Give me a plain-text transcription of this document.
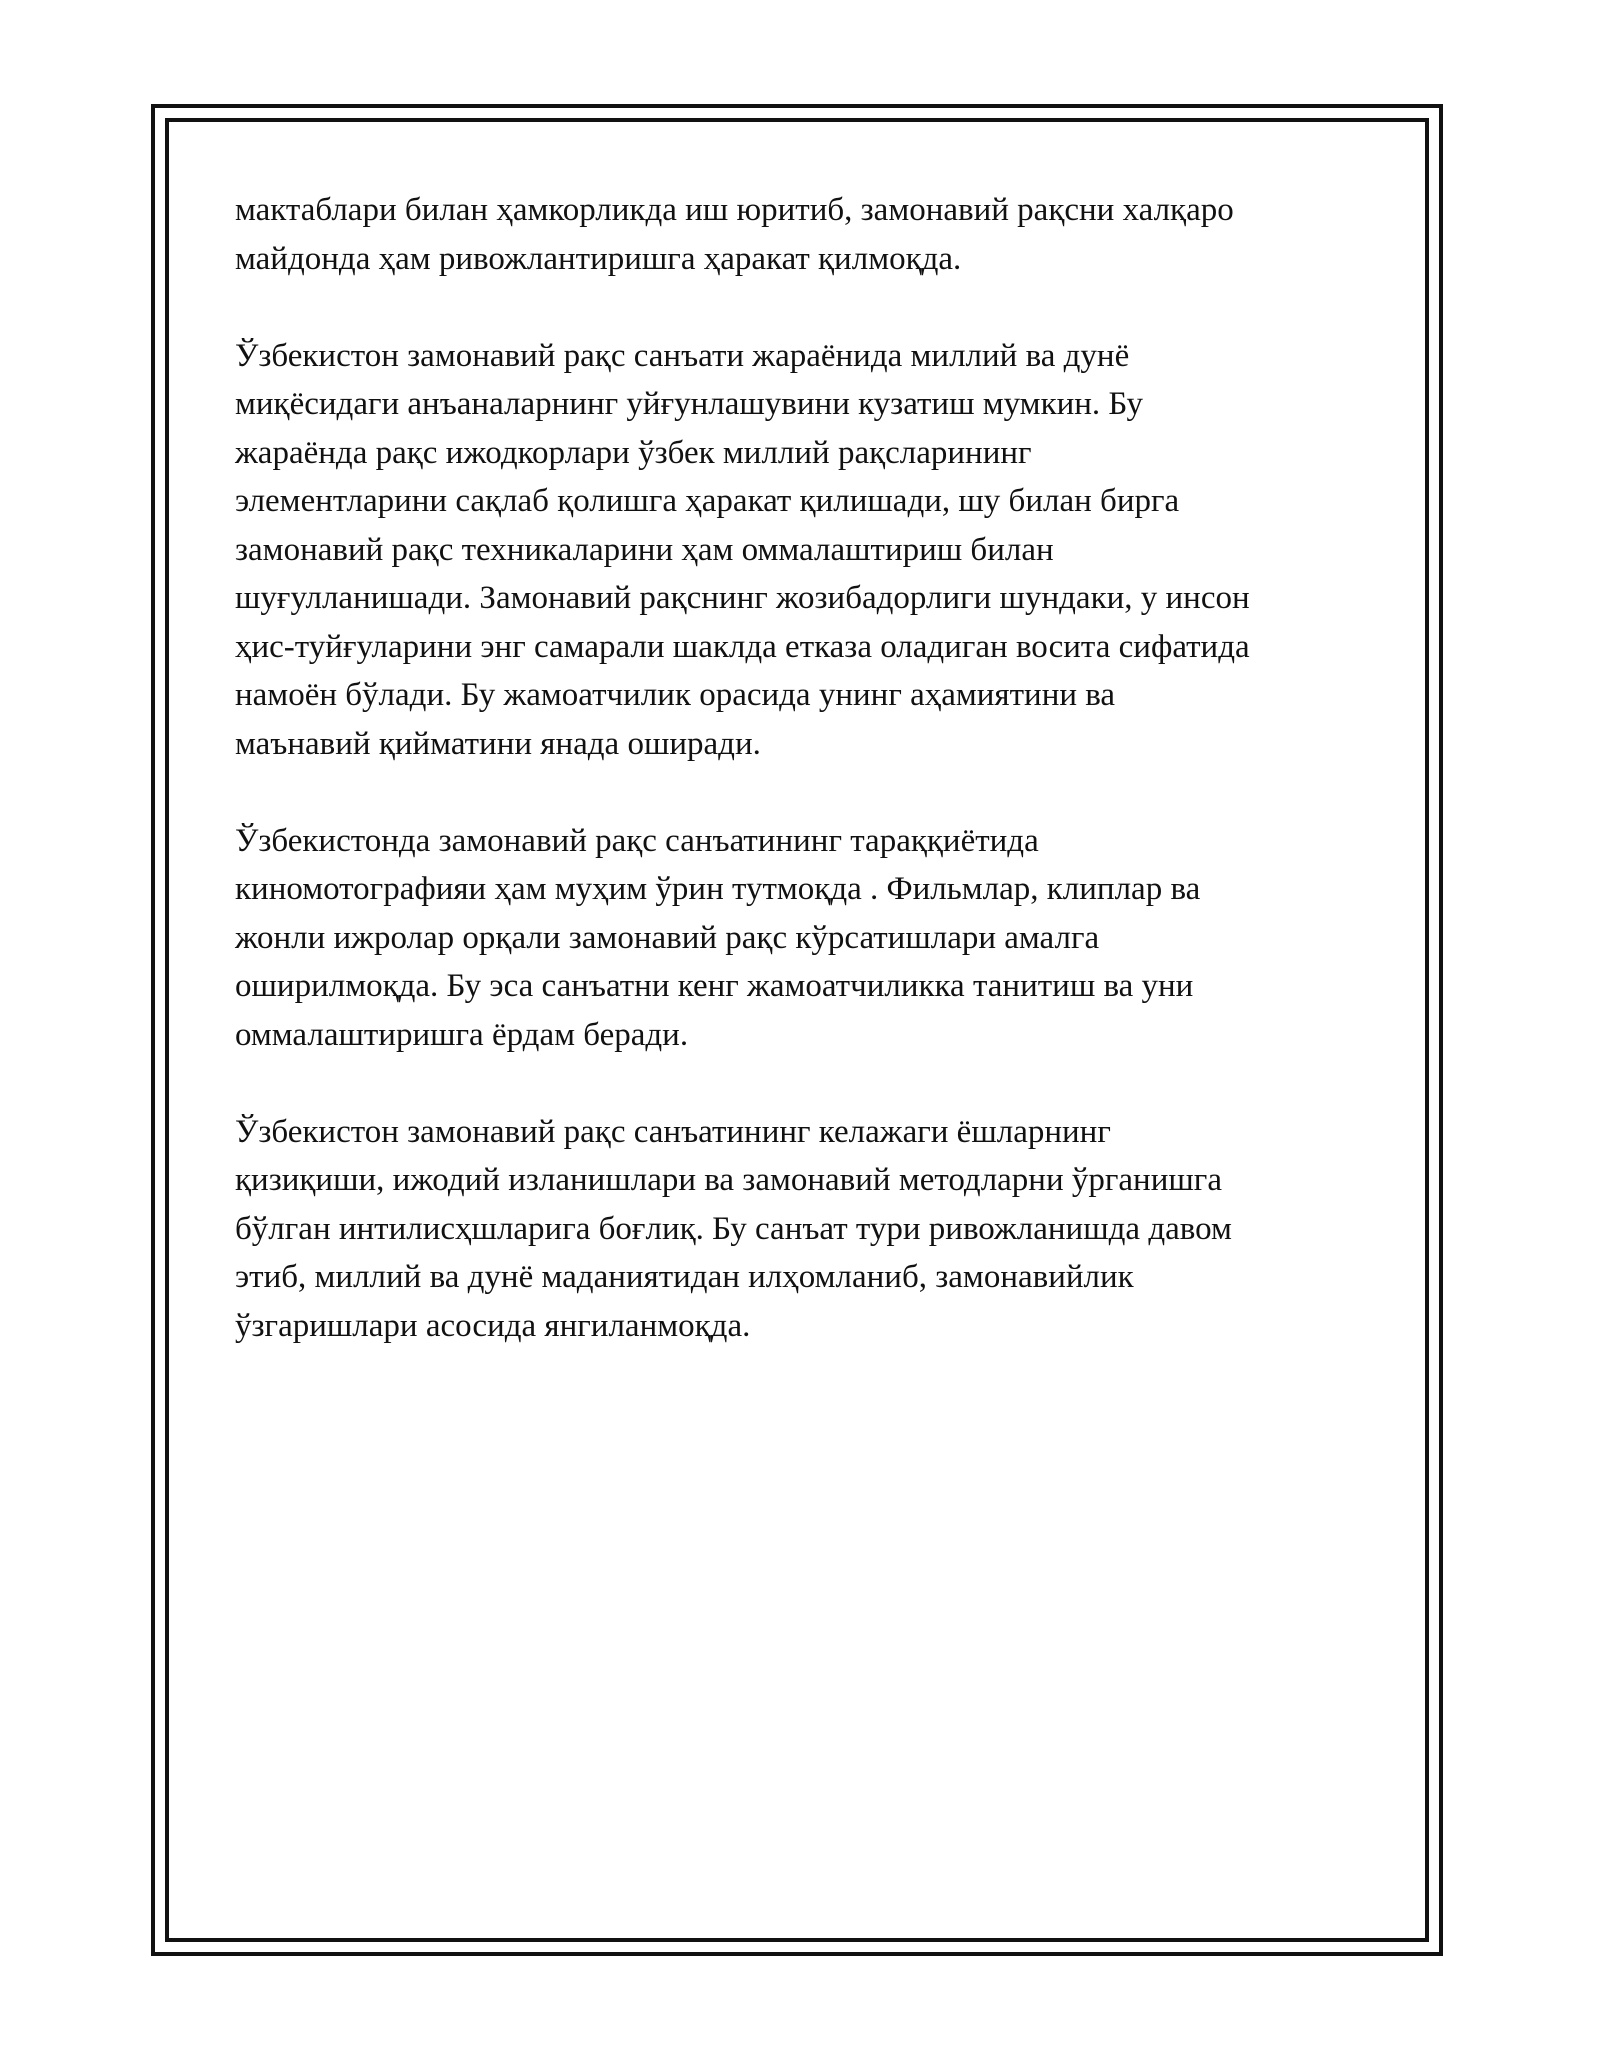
мактаблари билан ҳамкорликда иш юритиб, замонавий рақсни халқаро
майдонда ҳам ривожлантиришга ҳаракат қилмоқда.

Ўзбекистон замонавий рақс санъати жараёнида миллий ва дунё
миқёсидаги анъаналарнинг уйғунлашувини кузатиш мумкин. Бу
жараёнда рақс ижодкорлари ўзбек миллий рақсларининг
элементларини сақлаб қолишга ҳаракат қилишади, шу билан бирга
замонавий рақс техникаларини ҳам оммалаштириш билан
шуғулланишади. Замонавий рақснинг жозибадорлиги шундаки, у инсон
ҳис-туйғуларини энг самарали шаклда етказа оладиган восита сифатида
намоён бўлади. Бу жамоатчилик орасида унинг аҳамиятини ва
маънавий қийматини янада оширади.

Ўзбекистонда замонавий рақс санъатининг тараққиётида
киномотографияи ҳам муҳим ўрин тутмоқда . Фильмлар, клиплар ва
жонли ижролар орқали замонавий рақс кўрсатишлари амалга
оширилмоқда. Бу эса санъатни кенг жамоатчиликка танитиш ва уни
оммалаштиришга ёрдам беради.

Ўзбекистон замонавий рақс санъатининг келажаги ёшларнинг
қизиқиши, ижодий изланишлари ва замонавий методларни ўрганишга
бўлган интилисҳшларига боғлиқ. Бу санъат тури ривожланишда давом
этиб, миллий ва дунё маданиятидан илҳомланиб, замонавийлик
ўзгаришлари асосида янгиланмоқда.
